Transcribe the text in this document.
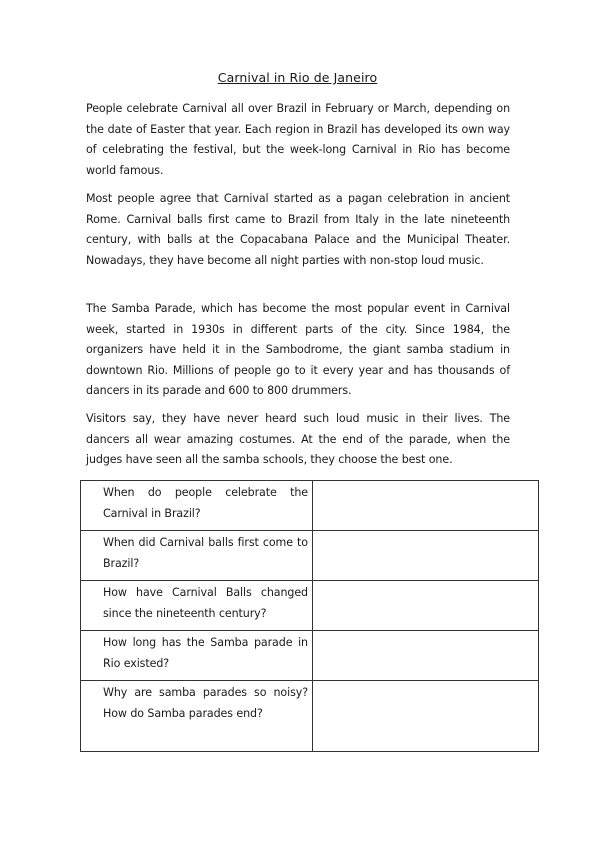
Carnival in Rio de Janeiro

People celebrate Carnival all over Brazil in February or March, depending on the date of Easter that year. Each region in Brazil has developed its own way of celebrating the festival, but the week-long Carnival in Rio has become world famous.

Most people agree that Carnival started as a pagan celebration in ancient Rome. Carnival balls first came to Brazil from Italy in the late nineteenth century, with balls at the Copacabana Palace and the Municipal Theater. Nowadays, they have become all night parties with non-stop loud music.

The Samba Parade, which has become the most popular event in Carnival week, started in 1930s in different parts of the city. Since 1984, the organizers have held it in the Sambodrome, the giant samba stadium in downtown Rio. Millions of people go to it every year and has thousands of dancers in its parade and 600 to 800 drummers.

Visitors say, they have never heard such loud music in their lives. The dancers all wear amazing costumes. At the end of the parade, when the judges have seen all the samba schools, they choose the best one.

When do people celebrate the Carnival in Brazil?	

When did Carnival balls first come to Brazil?	

How have Carnival Balls changed since the nineteenth century?	

How long has the Samba parade in Rio existed?	

Why are samba parades so noisy? How do Samba parades end?	
